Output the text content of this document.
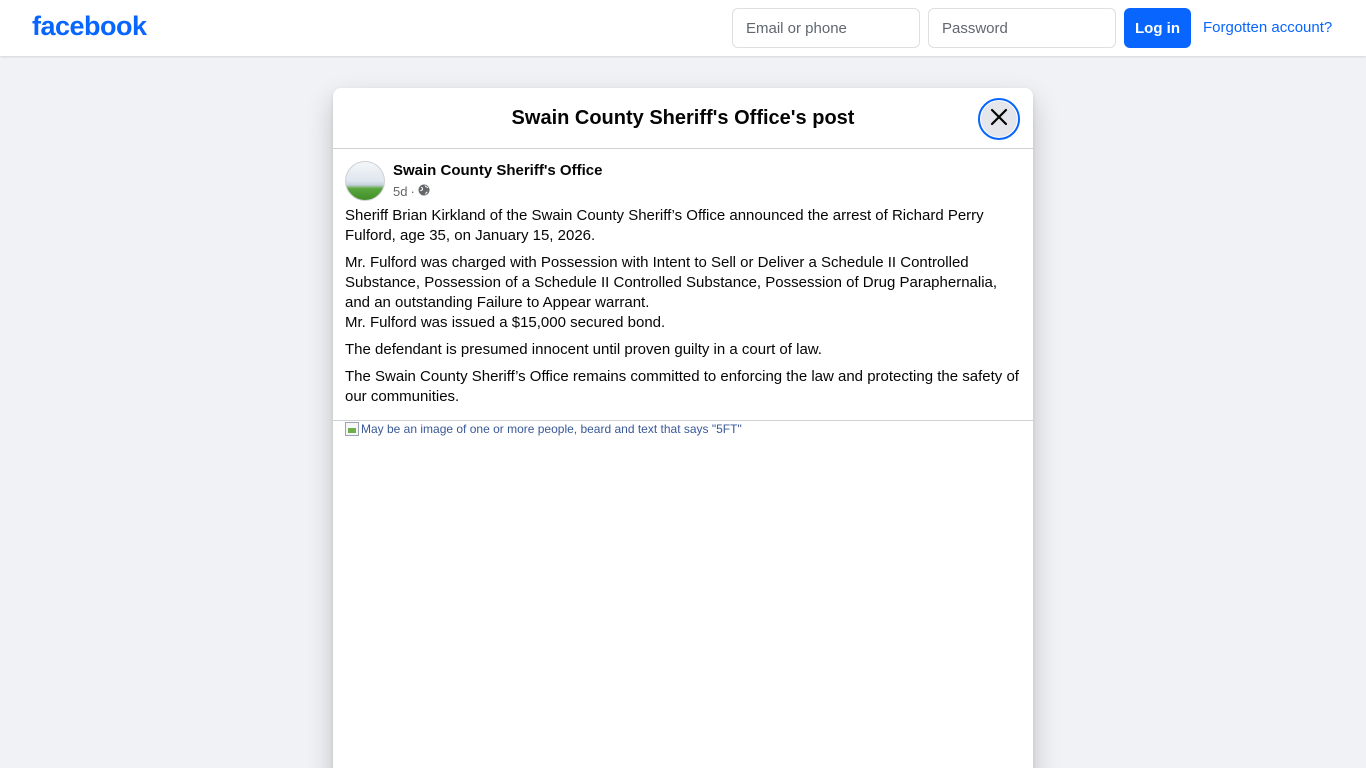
facebook
Email or phone	Log in	Forgotten account?
Swain County Sheriff's Office's post
Swain County Sheriff's Office
5d ·

Sheriff Brian Kirkland of the Swain County Sheriff’s Office announced the arrest of Richard Perry Fulford, age 35, on January 15, 2026.

Mr. Fulford was charged with Possession with Intent to Sell or Deliver a Schedule II Controlled Substance, Possession of a Schedule II Controlled Substance, Possession of Drug Paraphernalia, and an outstanding Failure to Appear warrant.
Mr. Fulford was issued a $15,000 secured bond.

The defendant is presumed innocent until proven guilty in a court of law.

The Swain County Sheriff’s Office remains committed to enforcing the law and protecting the safety of our communities.

May be an image of one or more people, beard and text that says "5FT"
